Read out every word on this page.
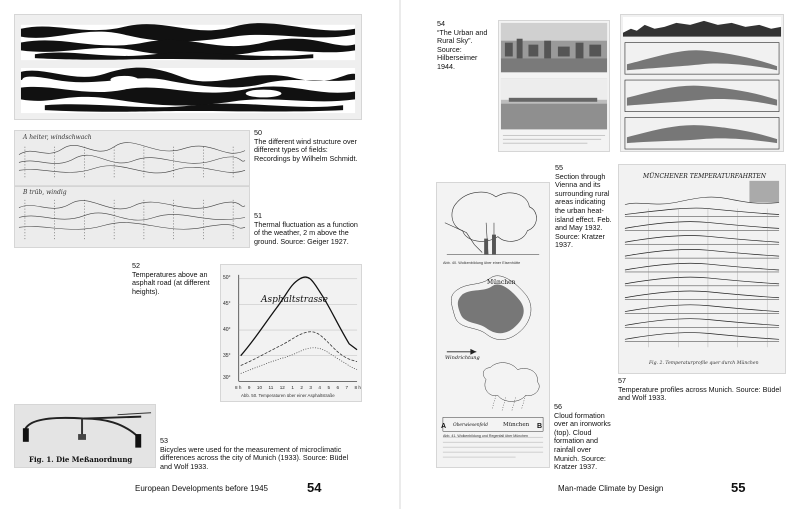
A heiter, windschwach
B trüb, windig
50
The different wind structure over different types of fields: Recordings by Wilhelm Schmidt.
51
Thermal fluctuation as a function of the weather, 2 m above the ground. Source: Geiger 1927.
52
Temperatures above an asphalt road (at different heights).
Asphaltstrasse
50°
45°
40°
35°
30°
8 h 9 10 11 12 1 2 3 4 5 6 7 8 h
Abb. 50. Temperaturen über einer Asphaltstraße
Fig. 1. Die Meßanordnung
53
Bicycles were used for the measurement of microclimatic differences across the city of Munich (1933). Source: Büdel and Wolf 1933.
European Developments before 1945	54
54
“The Urban and Rural Sky”. Source: Hilberseimer 1944.
55
Section through Vienna and its surrounding rural areas indicating the urban heat-island effect. Feb. and May 1932. Source: Kratzer 1937.
Abb. 40. Wolkenbildung über einer Eisenhütte
München
Windrichtung
A Oberwiesenfeld	München B
Abb. 41. Wolkenbildung und Regenfall über München
56
Cloud formation over an ironworks (top). Cloud formation and rainfall over Munich. Source: Kratzer 1937.
MÜNCHENER TEMPERATURFAHRTEN
Fig. 2. Temperaturprofile quer durch München
57
Temperature profiles across Munich. Source: Büdel and Wolf 1933.
Man-made Climate by Design	55
